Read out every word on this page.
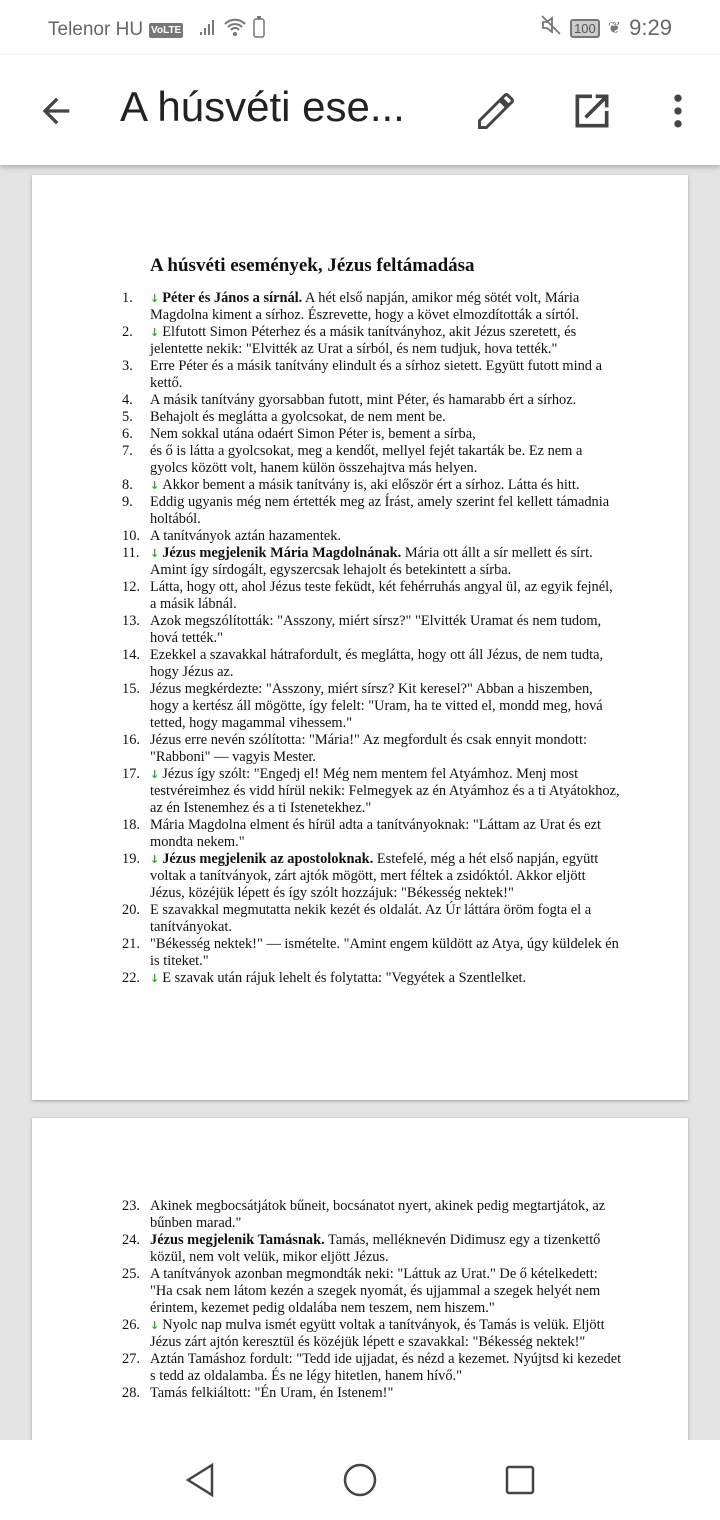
Telenor HU VoLTE	100 ❦ 9:29
A húsvéti ese...
A húsvéti események, Jézus feltámadása
1.	↓ Péter és János a sírnál. A hét első napján, amikor még sötét volt, Mária Magdolna kiment a sírhoz. Észrevette, hogy a követ elmozdították a sírtól.
2.	↓ Elfutott Simon Péterhez és a másik tanítványhoz, akit Jézus szeretett, és jelentette nekik: "Elvitték az Urat a sírból, és nem tudjuk, hova tették."
3.	Erre Péter és a másik tanítvány elindult és a sírhoz sietett. Együtt futott mind a kettő.
4.	A másik tanítvány gyorsabban futott, mint Péter, és hamarabb ért a sírhoz.
5.	Behajolt és meglátta a gyolcsokat, de nem ment be.
6.	Nem sokkal utána odaért Simon Péter is, bement a sírba,
7.	és ő is látta a gyolcsokat, meg a kendőt, mellyel fejét takarták be. Ez nem a gyolcs között volt, hanem külön összehajtva más helyen.
8.	↓ Akkor bement a másik tanítvány is, aki először ért a sírhoz. Látta és hitt.
9.	Eddig ugyanis még nem értették meg az Írást, amely szerint fel kellett támadnia holtából.
10. A tanítványok aztán hazamentek.
11. ↓ Jézus megjelenik Mária Magdolnának. Mária ott állt a sír mellett és sírt. Amint így sírdogált, egyszercsak lehajolt és betekintett a sírba.
12. Látta, hogy ott, ahol Jézus teste feküdt, két fehérruhás angyal ül, az egyik fejnél, a másik lábnál.
13. Azok megszólították: "Asszony, miért sírsz?" "Elvitték Uramat és nem tudom, hová tették."
14. Ezekkel a szavakkal hátrafordult, és meglátta, hogy ott áll Jézus, de nem tudta, hogy Jézus az.
15. Jézus megkérdezte: "Asszony, miért sírsz? Kit keresel?" Abban a hiszemben, hogy a kertész áll mögötte, így felelt: "Uram, ha te vitted el, mondd meg, hová tetted, hogy magammal vihessem."
16. Jézus erre nevén szólította: "Mária!" Az megfordult és csak ennyit mondott: "Rabboni" — vagyis Mester.
17. ↓ Jézus így szólt: "Engedj el! Még nem mentem fel Atyámhoz. Menj most testvéreimhez és vidd hírül nekik: Felmegyek az én Atyámhoz és a ti Atyátokhoz, az én Istenemhez és a ti Istenetekhez."
18. Mária Magdolna elment és hírül adta a tanítványoknak: "Láttam az Urat és ezt mondta nekem."
19. ↓ Jézus megjelenik az apostoloknak. Estefelé, még a hét első napján, együtt voltak a tanítványok, zárt ajtók mögött, mert féltek a zsidóktól. Akkor eljött Jézus, közéjük lépett és így szólt hozzájuk: "Békesség nektek!"
20. E szavakkal megmutatta nekik kezét és oldalát. Az Úr láttára öröm fogta el a tanítványokat.
21. "Békesség nektek!" — ismételte. "Amint engem küldött az Atya, úgy küldelek én is titeket."
22. ↓ E szavak után rájuk lehelt és folytatta: "Vegyétek a Szentlelket.
23. Akinek megbocsátjátok bűneit, bocsánatot nyert, akinek pedig megtartjátok, az bűnben marad."
24. Jézus megjelenik Tamásnak. Tamás, melléknevén Didimusz egy a tizenkettő közül, nem volt velük, mikor eljött Jézus.
25. A tanítványok azonban megmondták neki: "Láttuk az Urat." De ő kételkedett: "Ha csak nem látom kezén a szegek nyomát, és ujjammal a szegek helyét nem érintem, kezemet pedig oldalába nem teszem, nem hiszem."
26. ↓ Nyolc nap mulva ismét együtt voltak a tanítványok, és Tamás is velük. Eljött Jézus zárt ajtón keresztül és közéjük lépett e szavakkal: "Békesség nektek!"
27. Aztán Tamáshoz fordult: "Tedd ide ujjadat, és nézd a kezemet. Nyújtsd ki kezedet s tedd az oldalamba. És ne légy hitetlen, hanem hívő."
28. Tamás felkiáltott: "Én Uram, én Istenem!"
